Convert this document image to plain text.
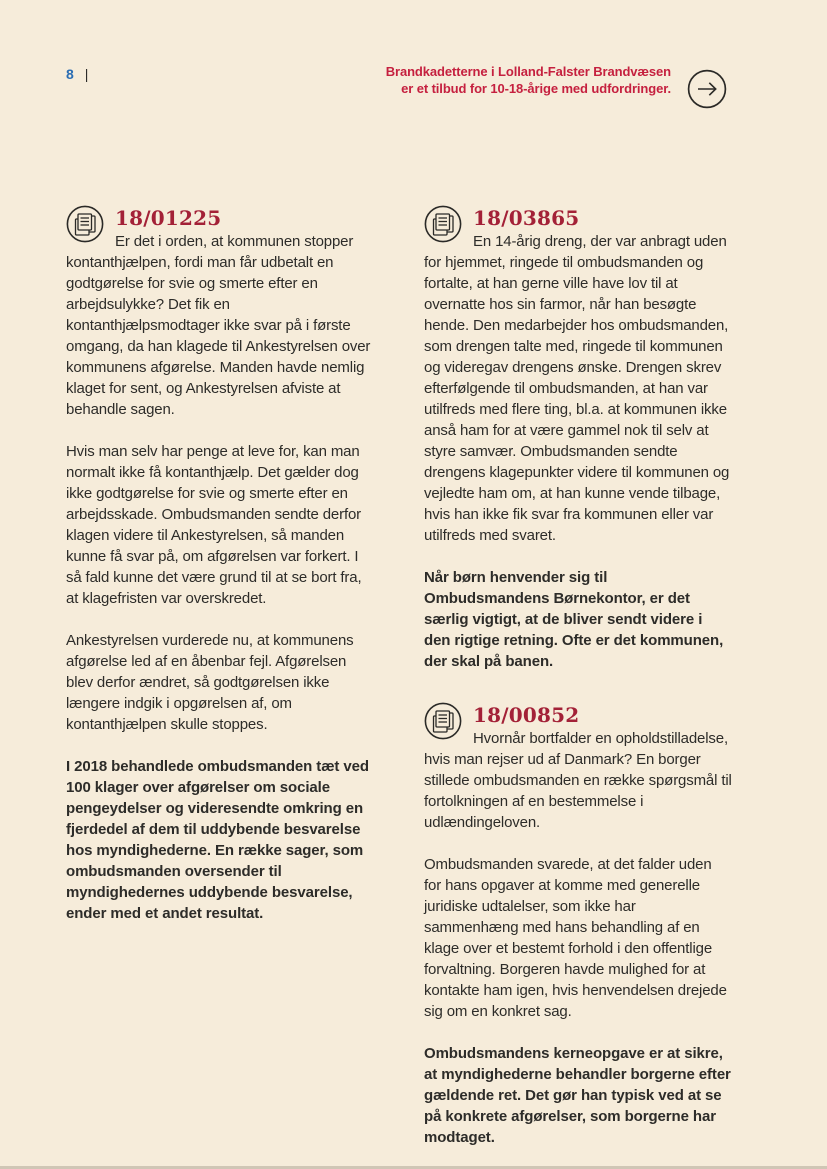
8 |	Brandkadetterne i Lolland-Falster Brandvæsen er et tilbud for 10-18-årige med udfordringer.

18/01225

Er det i orden, at kommunen stopper kontanthjælpen, fordi man får udbetalt en godtgørelse for svie og smerte efter en arbejdsulykke? Det fik en kontanthjælpsmodtager ikke svar på i første omgang, da han klagede til Ankestyrelsen over kommunens afgørelse. Manden havde nemlig klaget for sent, og Ankestyrelsen afviste at behandle sagen.

Hvis man selv har penge at leve for, kan man normalt ikke få kontanthjælp. Det gælder dog ikke godtgørelse for svie og smerte efter en arbejdsskade. Ombudsmanden sendte derfor klagen videre til Ankestyrelsen, så manden kunne få svar på, om afgørelsen var forkert. I så fald kunne det være grund til at se bort fra, at klagefristen var overskredet.

Ankestyrelsen vurderede nu, at kommunens afgørelse led af en åbenbar fejl. Afgørelsen blev derfor ændret, så godtgørelsen ikke længere indgik i opgørelsen af, om kontanthjælpen skulle stoppes.

I 2018 behandlede ombudsmanden tæt ved 100 klager over afgørelser om sociale pengeydelser og videresendte omkring en fjerdedel af dem til uddybende besvarelse hos myndighederne. En række sager, som ombudsmanden oversender til myndighedernes uddybende besvarelse, ender med et andet resultat.

18/03865

En 14-årig dreng, der var anbragt uden for hjemmet, ringede til ombudsmanden og fortalte, at han gerne ville have lov til at overnatte hos sin farmor, når han besøgte hende. Den medarbejder hos ombudsmanden, som drengen talte med, ringede til kommunen og videregav drengens ønske. Drengen skrev efterfølgende til ombudsmanden, at han var utilfreds med flere ting, bl.a. at kommunen ikke anså ham for at være gammel nok til selv at styre samvær. Ombudsmanden sendte drengens klagepunkter videre til kommunen og vejledte ham om, at han kunne vende tilbage, hvis han ikke fik svar fra kommunen eller var utilfreds med svaret.

Når børn henvender sig til Ombudsmandens Børnekontor, er det særlig vigtigt, at de bliver sendt videre i den rigtige retning. Ofte er det kommunen, der skal på banen.

18/00852

Hvornår bortfalder en opholdstilladelse, hvis man rejser ud af Danmark? En borger stillede ombudsmanden en række spørgsmål til fortolkningen af en bestemmelse i udlændingeloven.

Ombudsmanden svarede, at det falder uden for hans opgaver at komme med generelle juridiske udtalelser, som ikke har sammenhæng med hans behandling af en klage over et bestemt forhold i den offentlige forvaltning. Borgeren havde mulighed for at kontakte ham igen, hvis henvendelsen drejede sig om en konkret sag.

Ombudsmandens kerneopgave er at sikre, at myndighederne behandler borgerne efter gældende ret. Det gør han typisk ved at se på konkrete afgørelser, som borgerne har modtaget.
